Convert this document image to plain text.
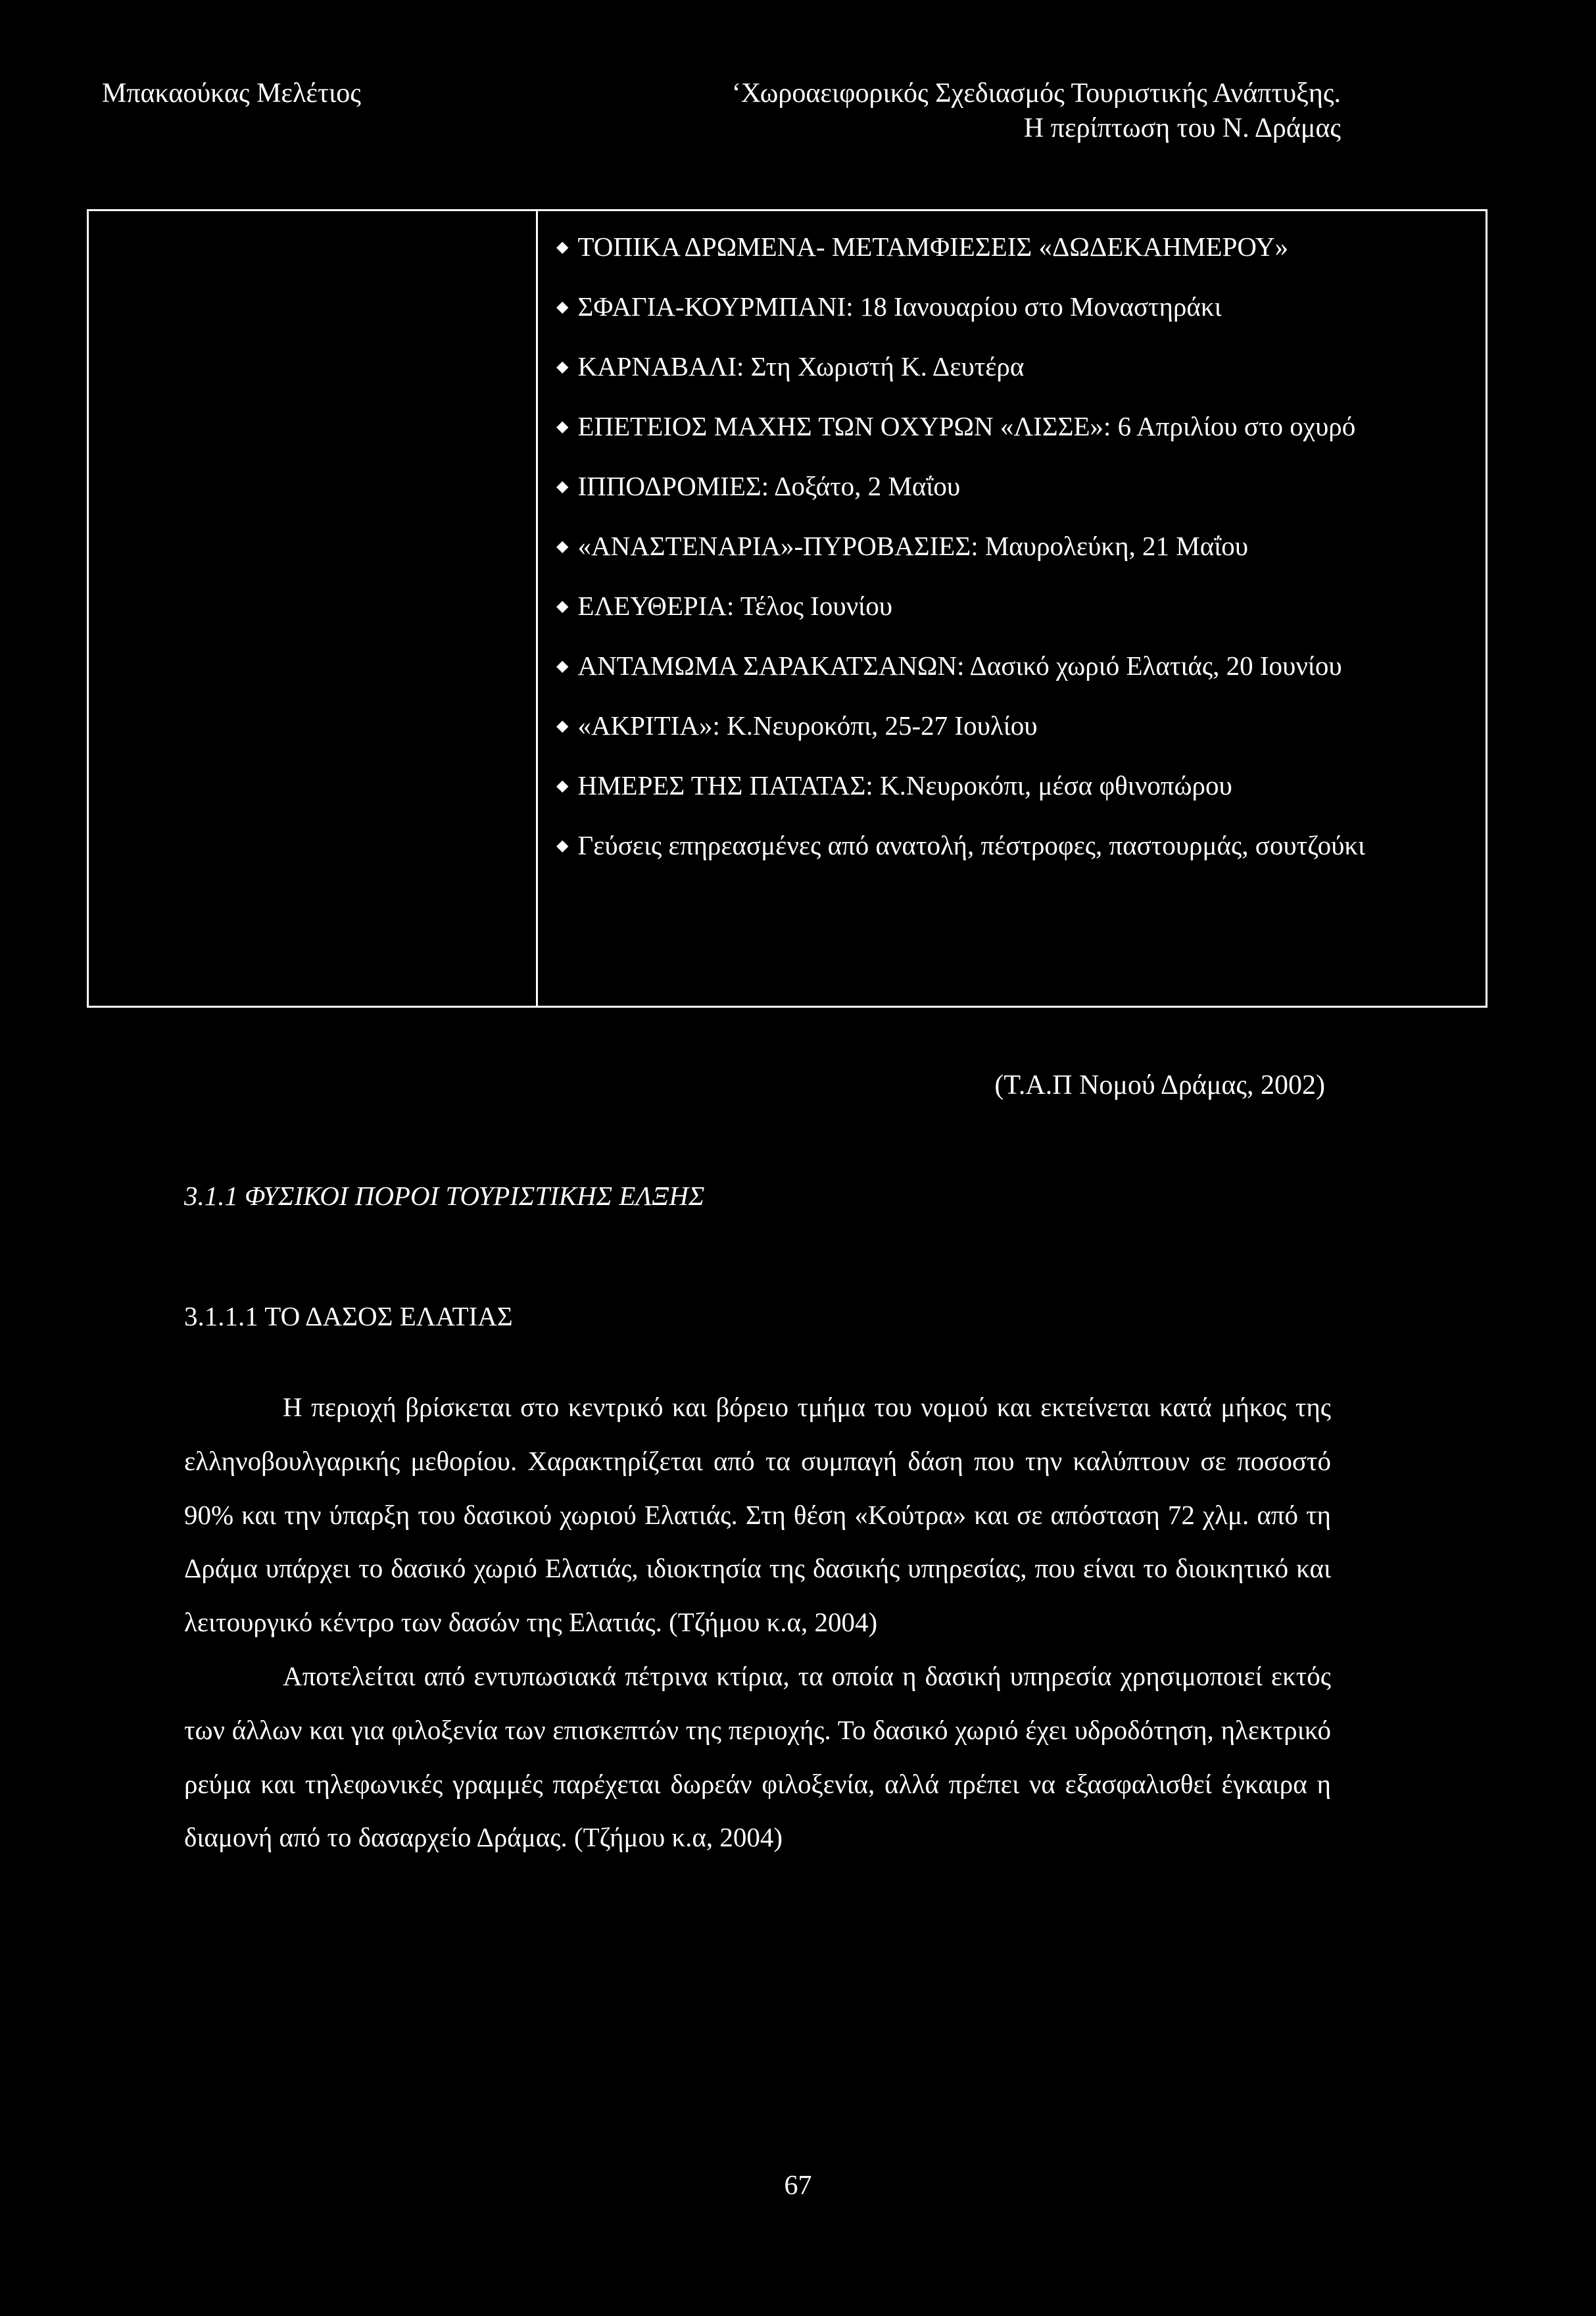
Μπακαούκας Μελέτιος	‘Χωροαειφορικός Σχεδιασμός Τουριστικής Ανάπτυξης.
Η περίπτωση του Ν. Δράμας
◆ ΤΟΠΙΚΑ ΔΡΩΜΕΝΑ- ΜΕΤΑΜΦΙΕΣΕΙΣ «ΔΩΔΕΚΑΗΜΕΡΟΥ»
◆ ΣΦΑΓΙΑ-ΚΟΥΡΜΠΑΝΙ: 18 Ιανουαρίου στο Μοναστηράκι
◆ ΚΑΡΝΑΒΑΛΙ: Στη Χωριστή Κ. Δευτέρα
◆ ΕΠΕΤΕΙΟΣ ΜΑΧΗΣ ΤΩΝ ΟΧΥΡΩΝ «ΛΙΣΣΕ»: 6 Απριλίου στο οχυρό
◆ ΙΠΠΟΔΡΟΜΙΕΣ: Δοξάτο, 2 Μαΐου
◆ «ΑΝΑΣΤΕΝΑΡΙΑ»-ΠΥΡΟΒΑΣΙΕΣ: Μαυρολεύκη, 21 Μαΐου
◆ ΕΛΕΥΘΕΡΙΑ: Τέλος Ιουνίου
◆ ΑΝΤΑΜΩΜΑ ΣΑΡΑΚΑΤΣΑΝΩΝ: Δασικό χωριό Ελατιάς, 20 Ιουνίου
◆ «ΑΚΡΙΤΙΑ»: Κ.Νευροκόπι, 25-27 Ιουλίου
◆ ΗΜΕΡΕΣ ΤΗΣ ΠΑΤΑΤΑΣ: Κ.Νευροκόπι, μέσα φθινοπώρου
◆ Γεύσεις επηρεασμένες από ανατολή, πέστροφες, παστουρμάς, σουτζούκι
(Τ.Α.Π Νομού Δράμας, 2002)
3.1.1 ΦΥΣΙΚΟΙ ΠΟΡΟΙ ΤΟΥΡΙΣΤΙΚΗΣ ΕΛΞΗΣ
3.1.1.1 ΤΟ ΔΑΣΟΣ ΕΛΑΤΙΑΣ

Η περιοχή βρίσκεται στο κεντρικό και βόρειο τμήμα του νομού και εκτείνεται κατά μήκος της ελληνοβουλγαρικής μεθορίου. Χαρακτηρίζεται από τα συμπαγή δάση που την καλύπτουν σε ποσοστό 90% και την ύπαρξη του δασικού χωριού Ελατιάς. Στη θέση «Κούτρα» και σε απόσταση 72 χλμ. από τη Δράμα υπάρχει το δασικό χωριό Ελατιάς, ιδιοκτησία της δασικής υπηρεσίας, που είναι το διοικητικό και λειτουργικό κέντρο των δασών της Ελατιάς. (Τζήμου κ.α, 2004)

Αποτελείται από εντυπωσιακά πέτρινα κτίρια, τα οποία η δασική υπηρεσία χρησιμοποιεί εκτός των άλλων και για φιλοξενία των επισκεπτών της περιοχής. Το δασικό χωριό έχει υδροδότηση, ηλεκτρικό ρεύμα και τηλεφωνικές γραμμές παρέχεται δωρεάν φιλοξενία, αλλά πρέπει να εξασφαλισθεί έγκαιρα η διαμονή από το δασαρχείο Δράμας. (Τζήμου κ.α, 2004)

67
